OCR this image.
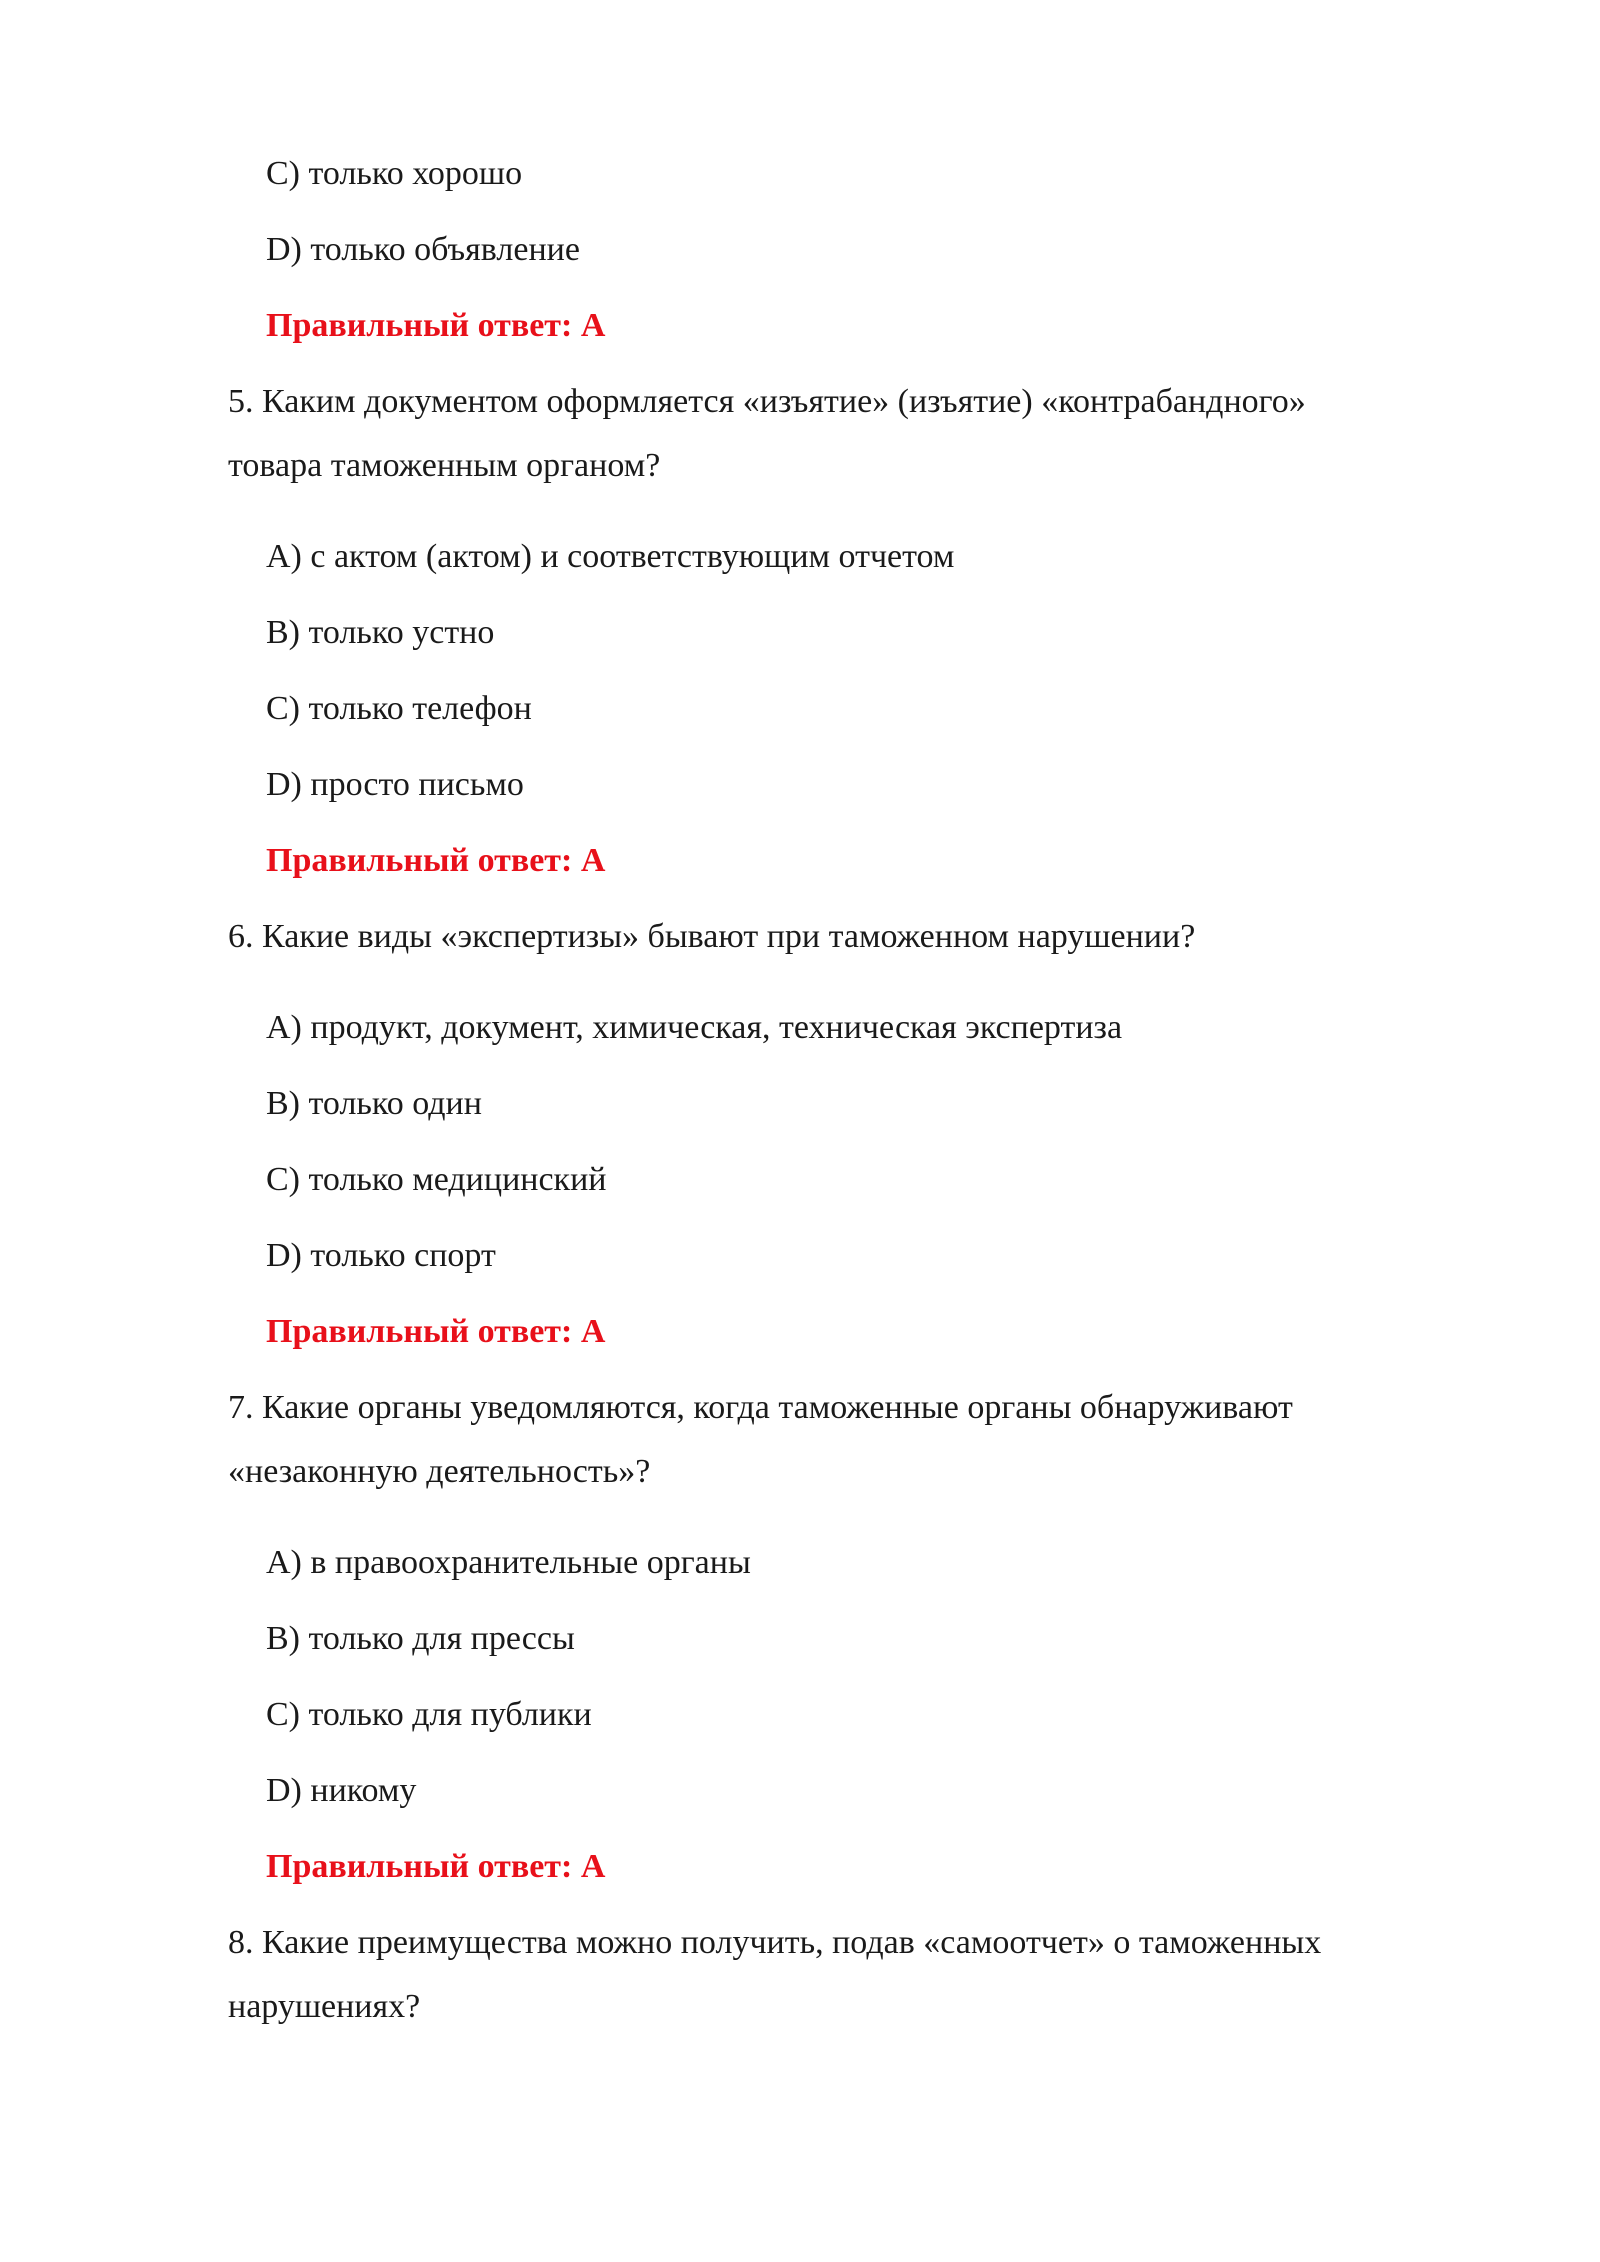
C) только хорошо
D) только объявление
Правильный ответ: A
5. Каким документом оформляется «изъятие» (изъятие) «контрабандного»
товара таможенным органом?
A) с актом (актом) и соответствующим отчетом
B) только устно
C) только телефон
D) просто письмо
Правильный ответ: A
6. Какие виды «экспертизы» бывают при таможенном нарушении?
A) продукт, документ, химическая, техническая экспертиза
B) только один
C) только медицинский
D) только спорт
Правильный ответ: A
7. Какие органы уведомляются, когда таможенные органы обнаруживают
«незаконную деятельность»?
A) в правоохранительные органы
B) только для прессы
C) только для публики
D) никому
Правильный ответ: A
8. Какие преимущества можно получить, подав «самоотчет» о таможенных
нарушениях?
